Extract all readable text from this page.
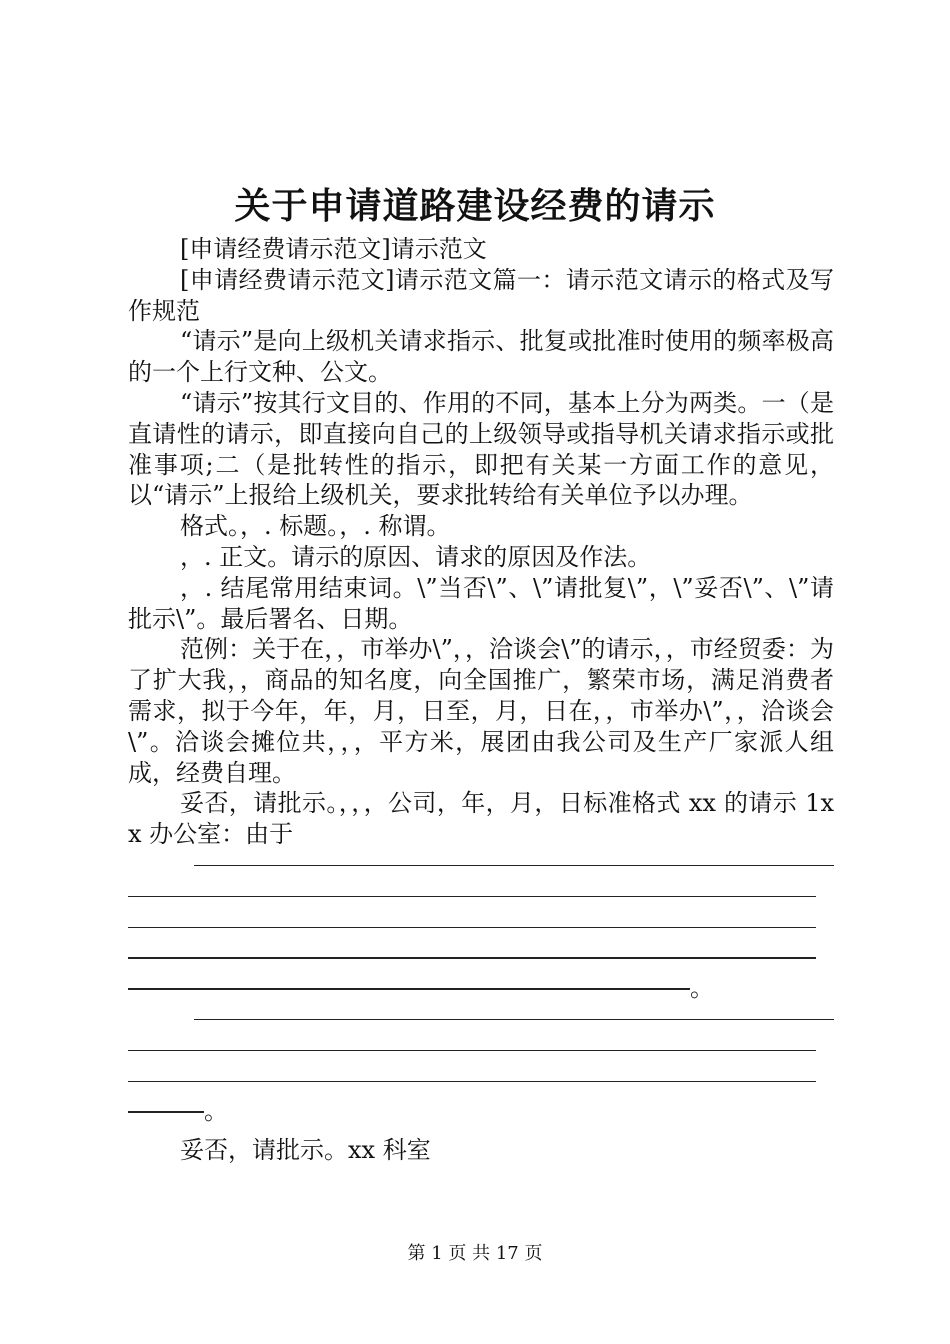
关于申请道路建设经费的请示

[申请经费请示范文]请示范文

[申请经费请示范文]请示范文篇一：请示范文请示的格式及写作规范

“请示”是向上级机关请求指示、批复或批准时使用的频率极高的一个上行文种、公文。

“请示”按其行文目的、作用的不同，基本上分为两类。一（是直请性的请示，即直接向自己的上级领导或指导机关请求指示或批准事项;二（是批转性的指示，即把有关某一方面工作的意见，以“请示”上报给上级机关，要求批转给有关单位予以办理。

格式。，. 标题。，. 称谓。

，. 正文。请示的原因、请求的原因及作法。

，. 结尾常用结束词。\”当否\”、\”请批复\”，\”妥否\”、\”请批示\”。最后署名、日期。

范例：关于在，，市举办\”，，洽谈会\”的请示，，市经贸委：为了扩大我，，商品的知名度，向全国推广，繁荣市场，满足消费者需求，拟于今年，年，月，日至，月，日在，，市举办\”，，洽谈会\”。洽谈会摊位共，，，平方米，展团由我公司及生产厂家派人组成，经费自理。

妥否，请批示。，，，公司，年，月，日标准格式 xx 的请示 1xx 办公室：由于

。
。

妥否，请批示。xx 科室

第 1 页 共 17 页
